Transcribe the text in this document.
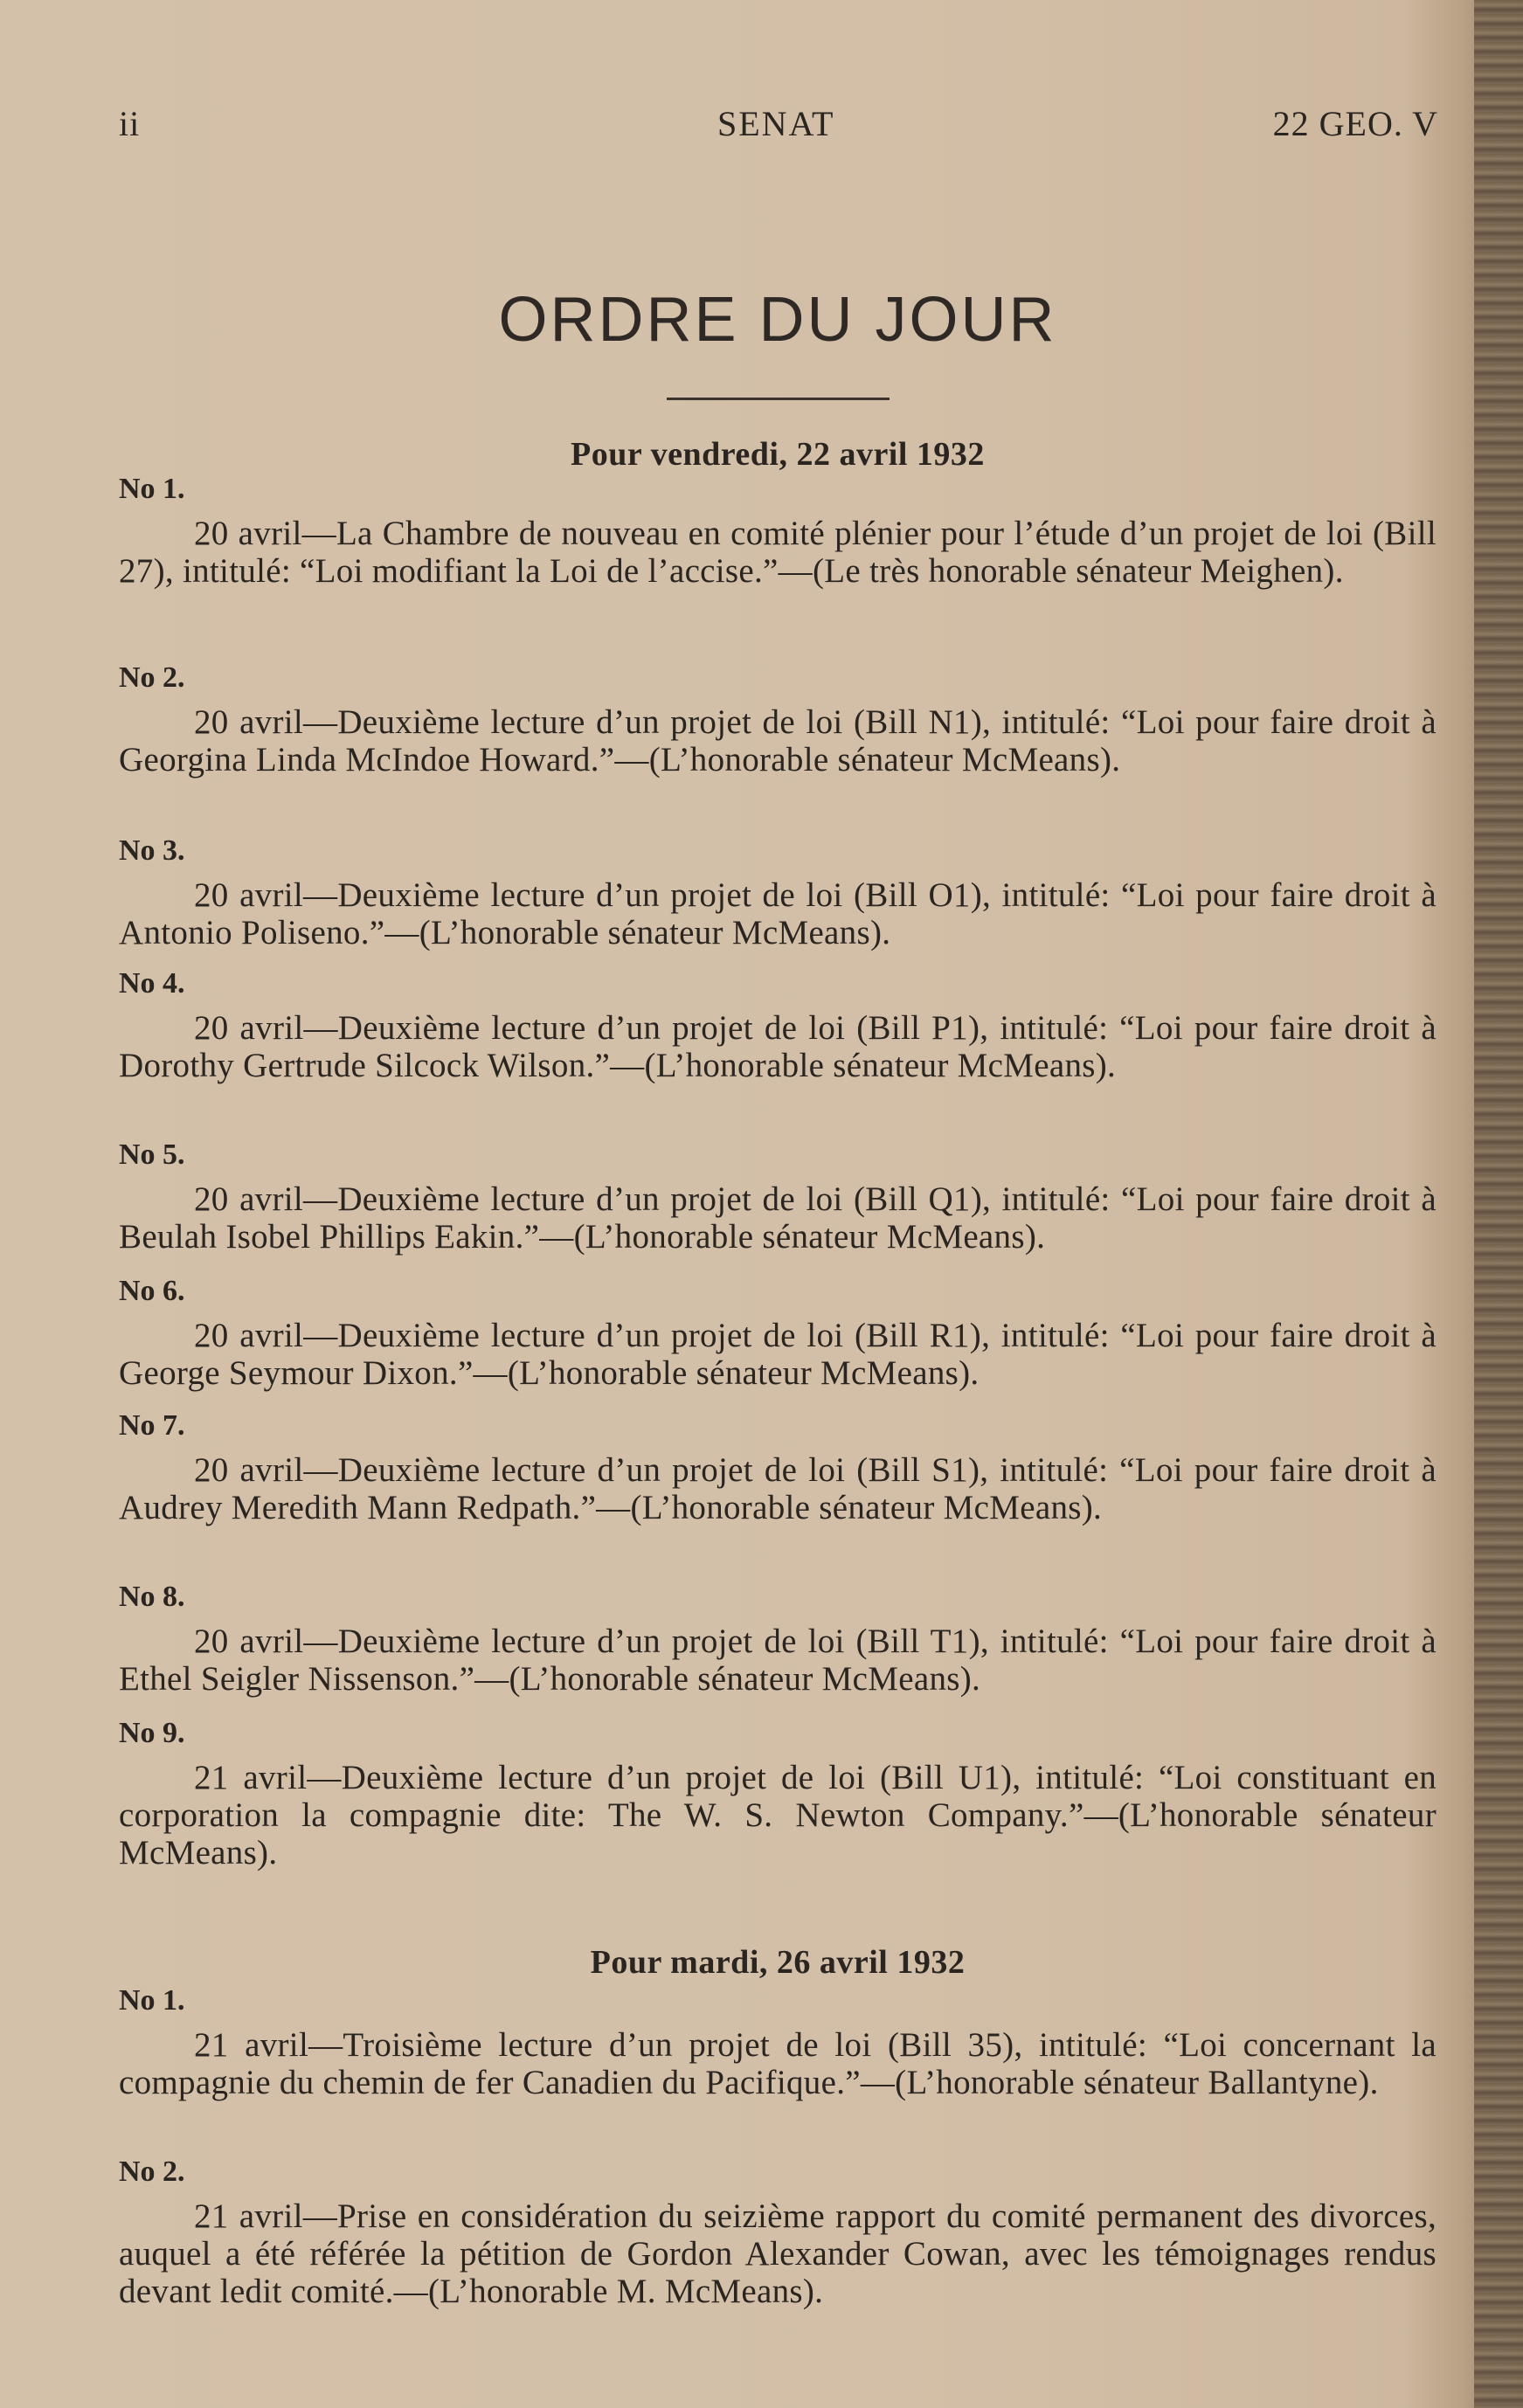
ii	SENAT	22 GEO. V
ORDRE DU JOUR
Pour vendredi, 22 avril 1932

No 1.

20 avril—La Chambre de nouveau en comité plénier pour l’étude d’un projet de loi (Bill 27), intitulé: “Loi modifiant la Loi de l’accise.”—(Le très honorable sénateur Meighen).

No 2.

20 avril—Deuxième lecture d’un projet de loi (Bill N1), intitulé: “Loi pour faire droit à Georgina Linda McIndoe Howard.”—(L’honorable sénateur McMeans).

No 3.

20 avril—Deuxième lecture d’un projet de loi (Bill O1), intitulé: “Loi pour faire droit à Antonio Poliseno.”—(L’honorable sénateur McMeans).

No 4.

20 avril—Deuxième lecture d’un projet de loi (Bill P1), intitulé: “Loi pour faire droit à Dorothy Gertrude Silcock Wilson.”—(L’honorable sénateur McMeans).

No 5.

20 avril—Deuxième lecture d’un projet de loi (Bill Q1), intitulé: “Loi pour faire droit à Beulah Isobel Phillips Eakin.”—(L’honorable sénateur McMeans).

No 6.

20 avril—Deuxième lecture d’un projet de loi (Bill R1), intitulé: “Loi pour faire droit à George Seymour Dixon.”—(L’honorable sénateur McMeans).

No 7.

20 avril—Deuxième lecture d’un projet de loi (Bill S1), intitulé: “Loi pour faire droit à Audrey Meredith Mann Redpath.”—(L’honorable sénateur McMeans).

No 8.

20 avril—Deuxième lecture d’un projet de loi (Bill T1), intitulé: “Loi pour faire droit à Ethel Seigler Nissenson.”—(L’honorable sénateur McMeans).

No 9.

21 avril—Deuxième lecture d’un projet de loi (Bill U1), intitulé: “Loi constituant en corporation la compagnie dite: The W. S. Newton Company.”—(L’honorable sénateur McMeans).

Pour mardi, 26 avril 1932

No 1.

21 avril—Troisième lecture d’un projet de loi (Bill 35), intitulé: “Loi concernant la compagnie du chemin de fer Canadien du Pacifique.”—(L’honorable sénateur Ballantyne).

No 2.

21 avril—Prise en considération du seizième rapport du comité permanent des divorces, auquel a été référée la pétition de Gordon Alexander Cowan, avec les témoignages rendus devant ledit comité.—(L’honorable M. McMeans).
